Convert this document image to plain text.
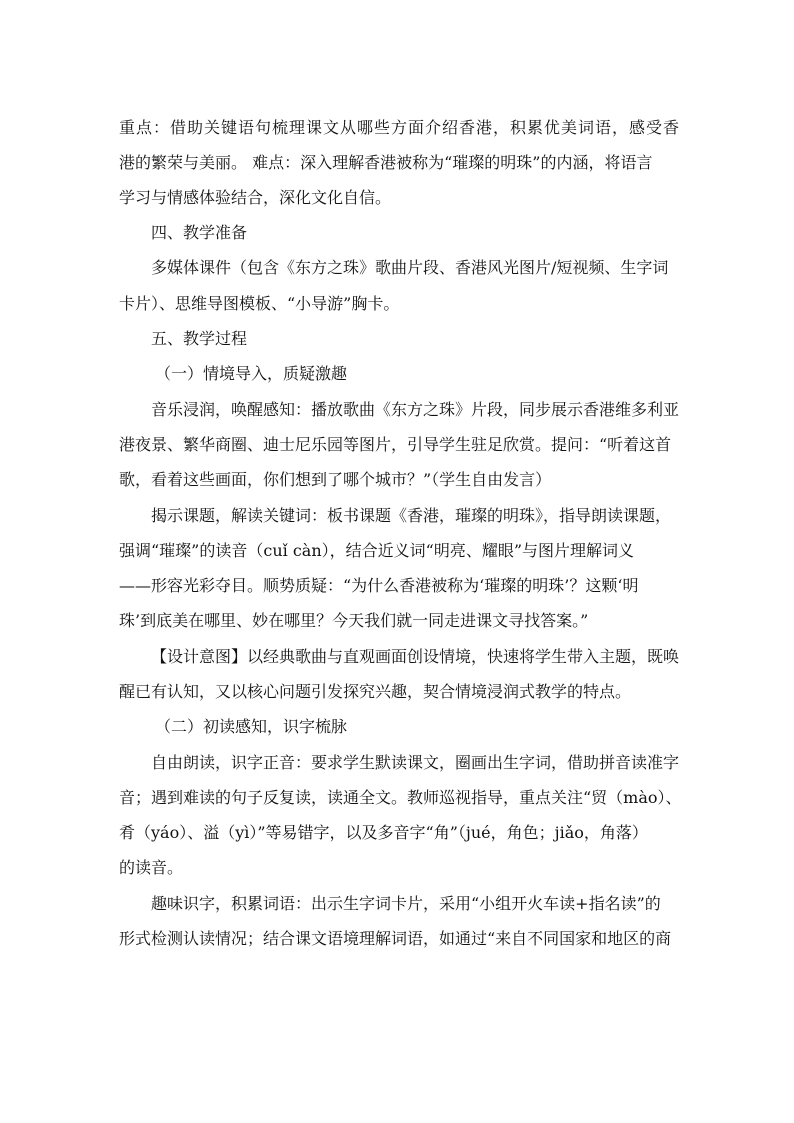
重点：借助关键语句梳理课文从哪些方面介绍香港，积累优美词语，感受香
港的繁荣与美丽。 难点：深入理解香港被称为“璀璨的明珠”的内涵，将语言
学习与情感体验结合，深化文化自信。
四、教学准备
多媒体课件（包含《东方之珠》歌曲片段、香港风光图片/短视频、生字词
卡片）、思维导图模板、“小导游”胸卡。
五、教学过程
（一）情境导入，质疑激趣
音乐浸润，唤醒感知：播放歌曲《东方之珠》片段，同步展示香港维多利亚
港夜景、繁华商圈、迪士尼乐园等图片，引导学生驻足欣赏。提问：“听着这首
歌，看着这些画面，你们想到了哪个城市？”（学生自由发言）
揭示课题，解读关键词：板书课题《香港，璀璨的明珠》，指导朗读课题，
强调“璀璨”的读音（cuǐ càn），结合近义词“明亮、耀眼”与图片理解词义
——形容光彩夺目。顺势质疑：“为什么香港被称为‘璀璨的明珠’？这颗‘明
珠’到底美在哪里、妙在哪里？今天我们就一同走进课文寻找答案。”
【设计意图】以经典歌曲与直观画面创设情境，快速将学生带入主题，既唤
醒已有认知，又以核心问题引发探究兴趣，契合情境浸润式教学的特点。
（二）初读感知，识字梳脉
自由朗读，识字正音：要求学生默读课文，圈画出生字词，借助拼音读准字
音；遇到难读的句子反复读，读通全文。教师巡视指导，重点关注“贸（mào）、
肴（yáo）、溢（yì）”等易错字，以及多音字“角”（jué，角色；jiǎo，角落）
的读音。
趣味识字，积累词语：出示生字词卡片，采用“小组开火车读+指名读”的
形式检测认读情况；结合课文语境理解词语，如通过“来自不同国家和地区的商
